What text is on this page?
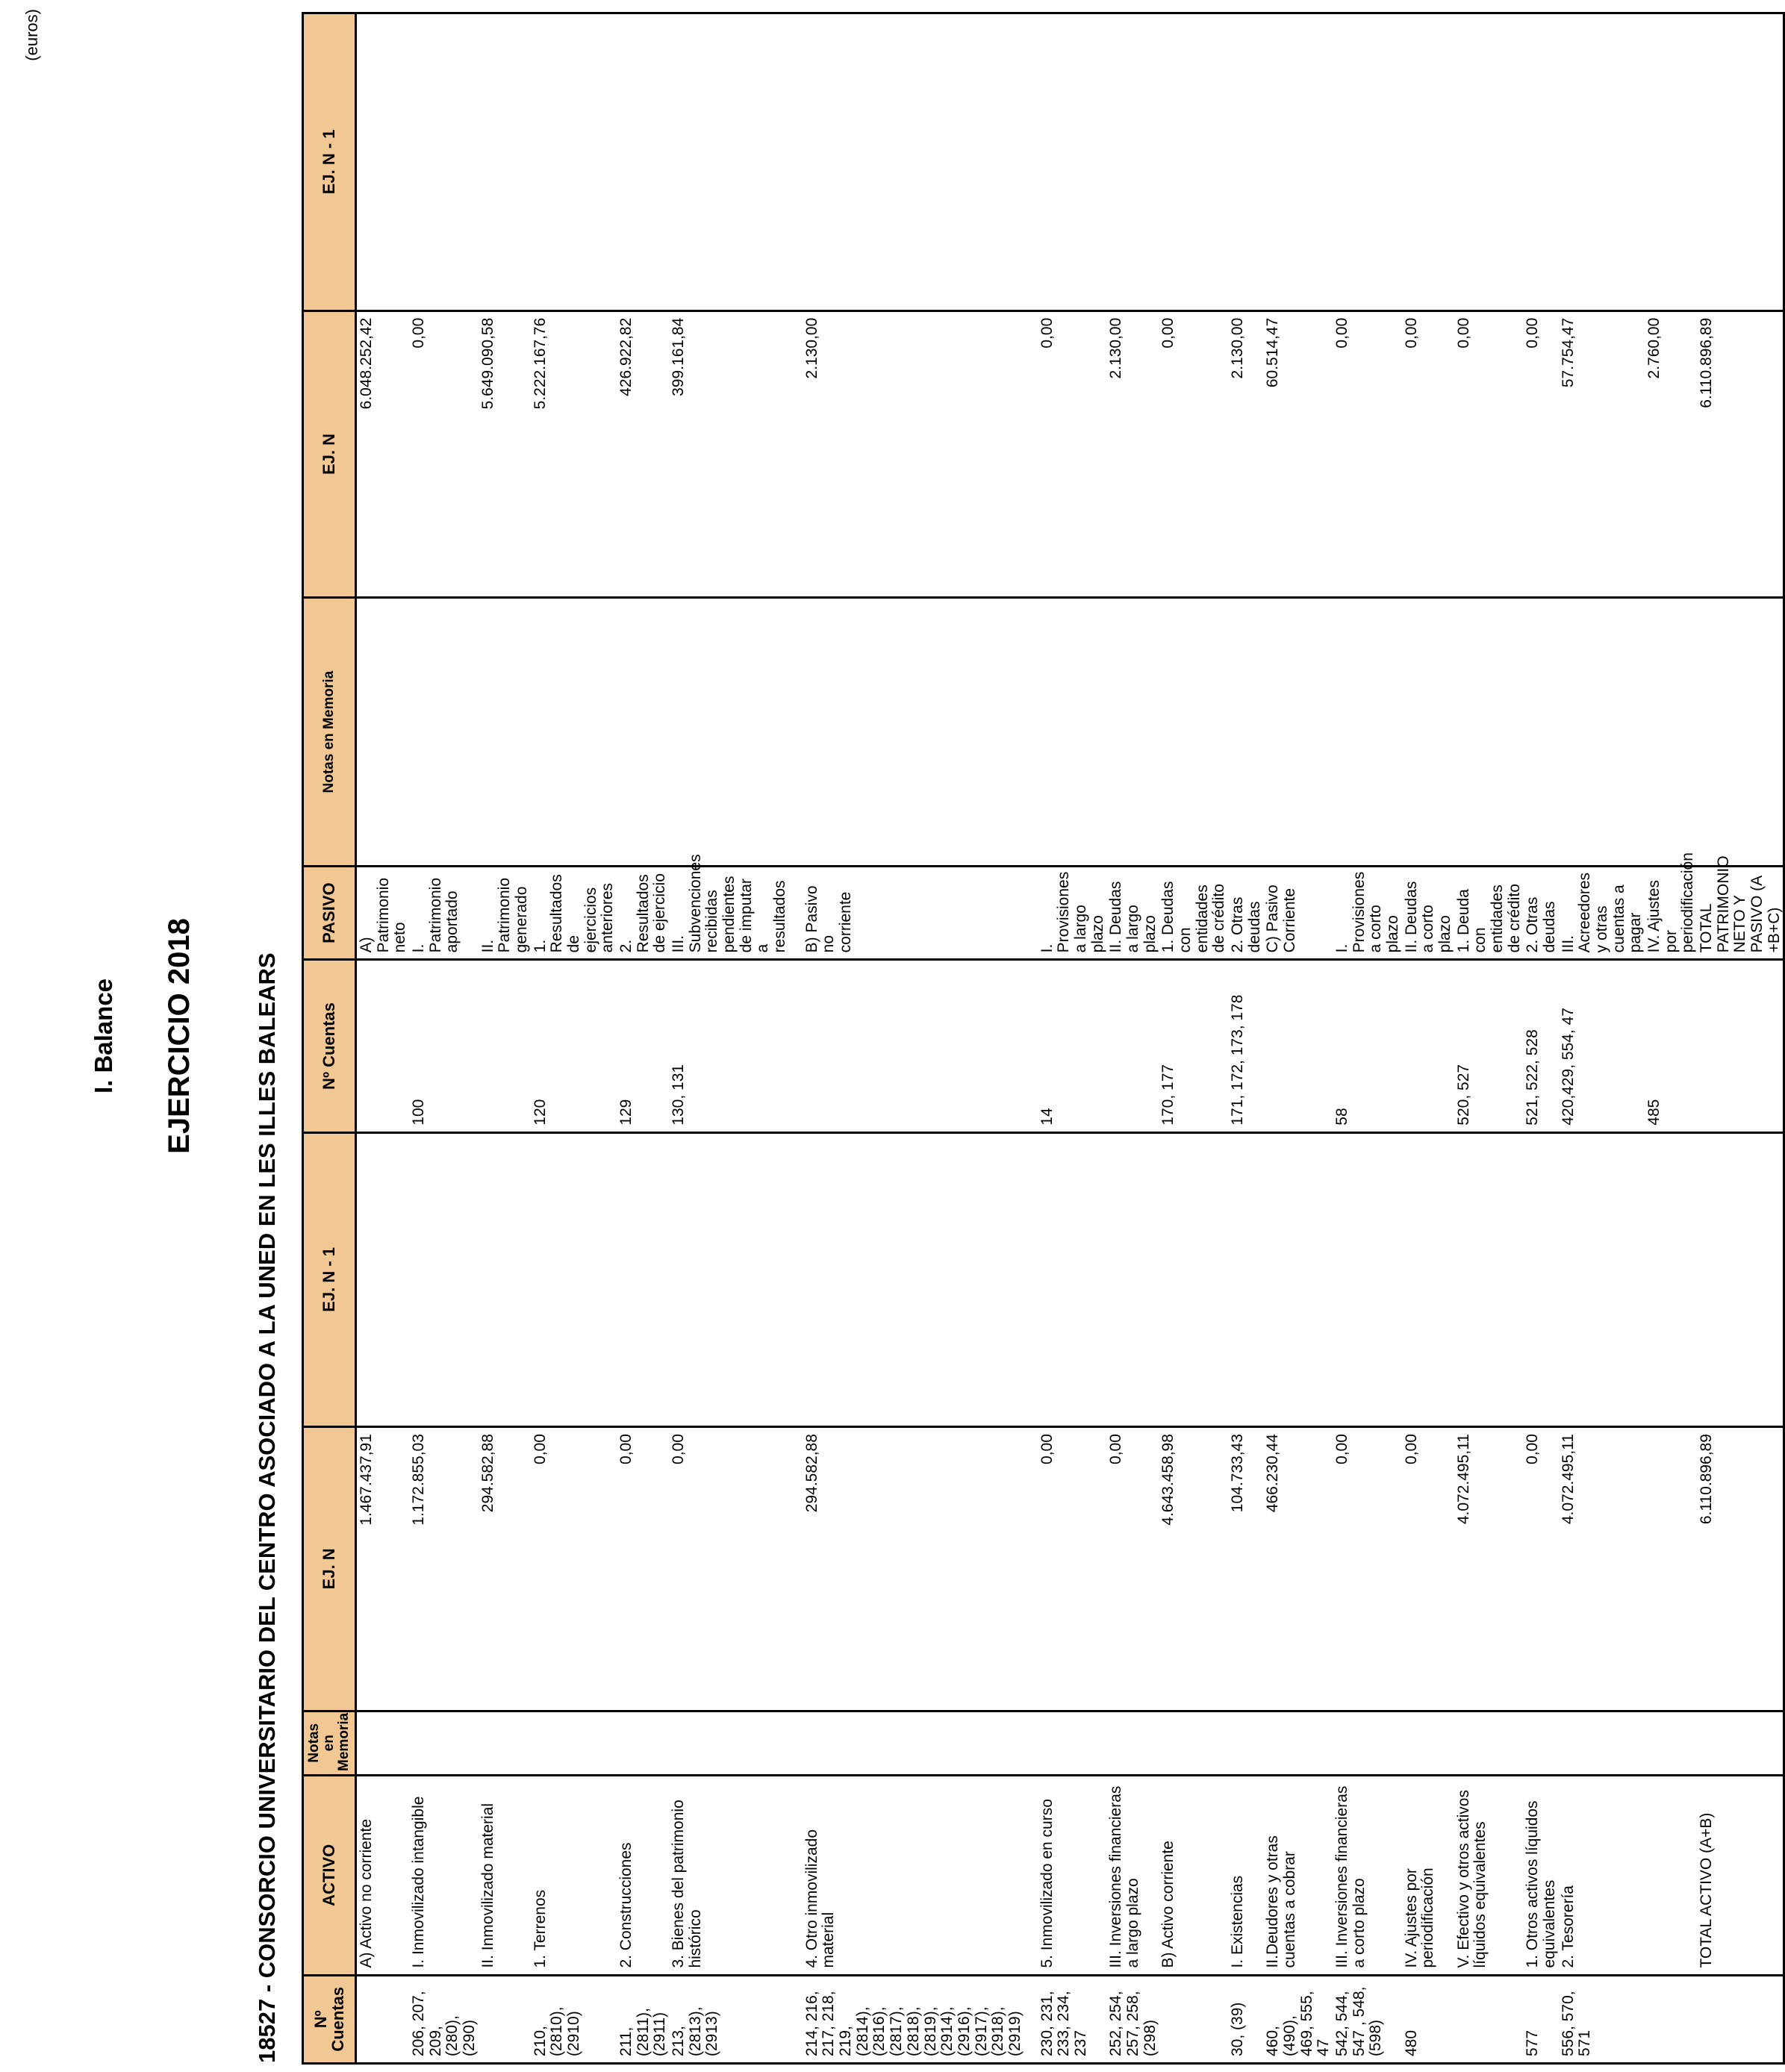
(euros)
I. Balance EJERCICIO 2018	18527 - CONSORCIO UNIVERSITARIO DEL CENTRO ASOCIADO A LA UNED EN LES ILLES BALEARS Nº Cuentas	ACTIVO	Notas en Memoria	EJ. N	EJ. N - 1	Nº Cuentas	PASIVO	Notas en Memoria	EJ. N	EJ. N - 1
	A) Activo no corriente		1.467.437,91			A) Patrimonio neto		6.048.252,42	
206, 207, 209, (280), (290)	I. Inmovilizado intangible		1.172.855,03		100	I. Patrimonio aportado		0,00	
	II. Inmovilizado material		294.582,88			II. Patrimonio generado		5.649.090,58	
210, (2810), (2910)	1. Terrenos		0,00		120	1. Resultados de ejercicios anteriores		5.222.167,76	
211, (2811), (2911)	2. Construcciones		0,00		129	2. Resultados de ejercicio		426.922,82	
213, (2813), (2913)	3. Bienes del patrimonio histórico		0,00		130, 131	III. Subvenciones recibidas pendientes de imputar a resultados		399.161,84	

214, 216, 217, 218, 219, (2814), (2816), (2817), (2818), (2819), (2914), (2916), (2917), (2918), (2919)	4. Otro inmovilizado material		294.582,88			B) Pasivo no corriente		2.130,00	

230, 231, 233, 234, 237	5. Inmovilizado en curso		0,00		14	I. Provisiones a largo plazo		0,00	
252, 254, 257, 258, (298)	III. Inversiones financieras a largo plazo		0,00			II. Deudas a largo plazo		2.130,00	
	B) Activo corriente		4.643.458,98		170, 177	1. Deudas con entidades de crédito		0,00	
30, (39)	I. Existencias		104.733,43		171, 172, 173, 178	2. Otras deudas		2.130,00	
460, (490), 469, 555, 47	II.Deudores y otras cuentas a cobrar		466.230,44			C) Pasivo Corriente		60.514,47	
542, 544, 547 , 548, (598)	III. Inversiones financieras a corto plazo		0,00		58	I. Provisiones a corto plazo		0,00	
480	IV. Ajustes por periodificación		0,00			II. Deudas a corto plazo		0,00	
	V. Efectivo y otros activos líquidos equivalentes		4.072.495,11		520, 527	1. Deuda con entidades de crédito		0,00	
577	1. Otros activos líquidos equivalentes		0,00		521, 522, 528	2. Otras deudas		0,00	
556, 570, 571	2. Tesorería		4.072.495,11		420,429, 554, 47	III. Acreedores y otras cuentas a pagar		57.754,47	
					485	IV. Ajustes por periodificación		2.760,00	
	TOTAL ACTIVO (A+B)		6.110.896,89			TOTAL PATRIMONIO NETO Y PASIVO (A +B+C)		6.110.896,89	
